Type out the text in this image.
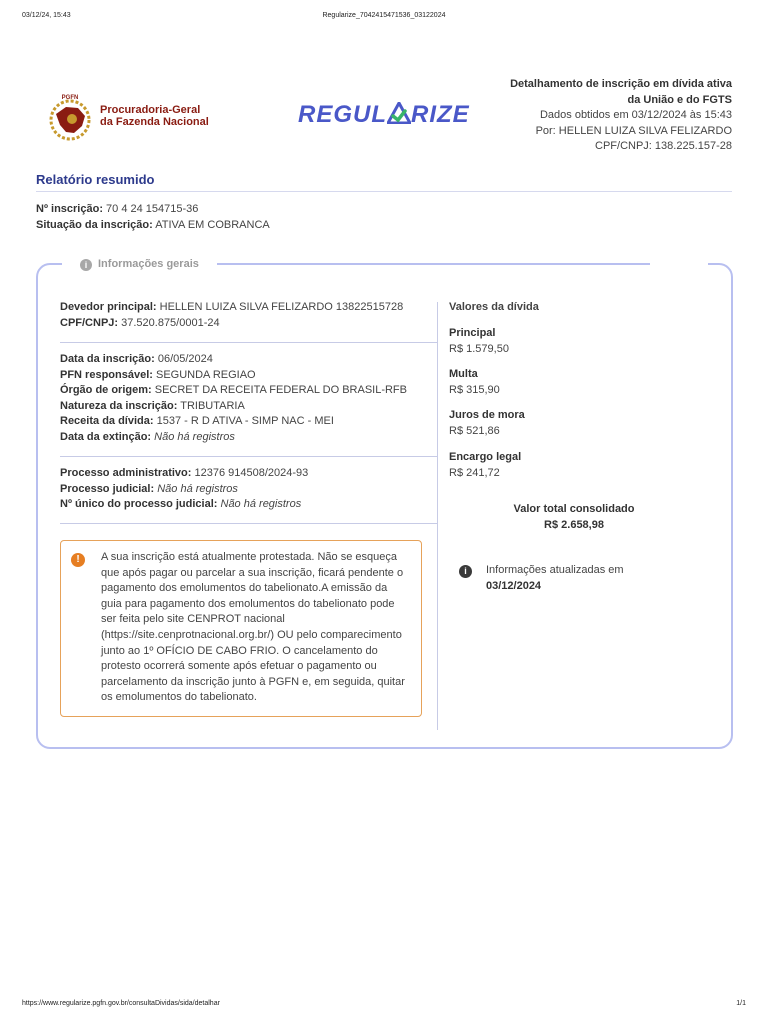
03/12/24, 15:43	Regularize_7042415471536_03122024
PGFN
Procuradoria-Geral
da Fazenda Nacional	REGUL RIZE
Detalhamento de inscrição em dívida ativa
da União e do FGTS
Dados obtidos em 03/12/2024 às 15:43
Por: HELLEN LUIZA SILVA FELIZARDO
CPF/CNPJ: 138.225.157-28
Relatório resumido
Nº inscrição: 70 4 24 154715-36
Situação da inscrição: ATIVA EM COBRANCA
i Informações gerais
Devedor principal: HELLEN LUIZA SILVA FELIZARDO 13822515728
CPF/CNPJ: 37.520.875/0001-24
Data da inscrição: 06/05/2024
PFN responsável: SEGUNDA REGIAO
Órgão de origem: SECRET DA RECEITA FEDERAL DO BRASIL-RFB
Natureza da inscrição: TRIBUTARIA
Receita da dívida: 1537 - R D ATIVA - SIMP NAC - MEI
Data da extinção: Não há registros
Processo administrativo: 12376 914508/2024-93
Processo judicial: Não há registros
Nº único do processo judicial: Não há registros
!	A sua inscrição está atualmente protestada. Não se esqueça que após pagar ou parcelar a sua inscrição, ficará pendente o pagamento dos emolumentos do tabelionato.A emissão da guia para pagamento dos emolumentos do tabelionato pode ser feita pelo site CENPROT nacional (https://site.cenprotnacional.org.br/) OU pelo comparecimento junto ao 1º OFÍCIO DE CABO FRIO. O cancelamento do protesto ocorrerá somente após efetuar o pagamento ou parcelamento da inscrição junto à PGFN e, em seguida, quitar os emolumentos do tabelionato.
Valores da dívida
Principal
R$ 1.579,50
Multa
R$ 315,90
Juros de mora
R$ 521,86
Encargo legal
R$ 241,72
Valor total consolidado
R$ 2.658,98
i	Informações atualizadas em
03/12/2024
https://www.regularize.pgfn.gov.br/consultaDividas/sida/detalhar	1/1
